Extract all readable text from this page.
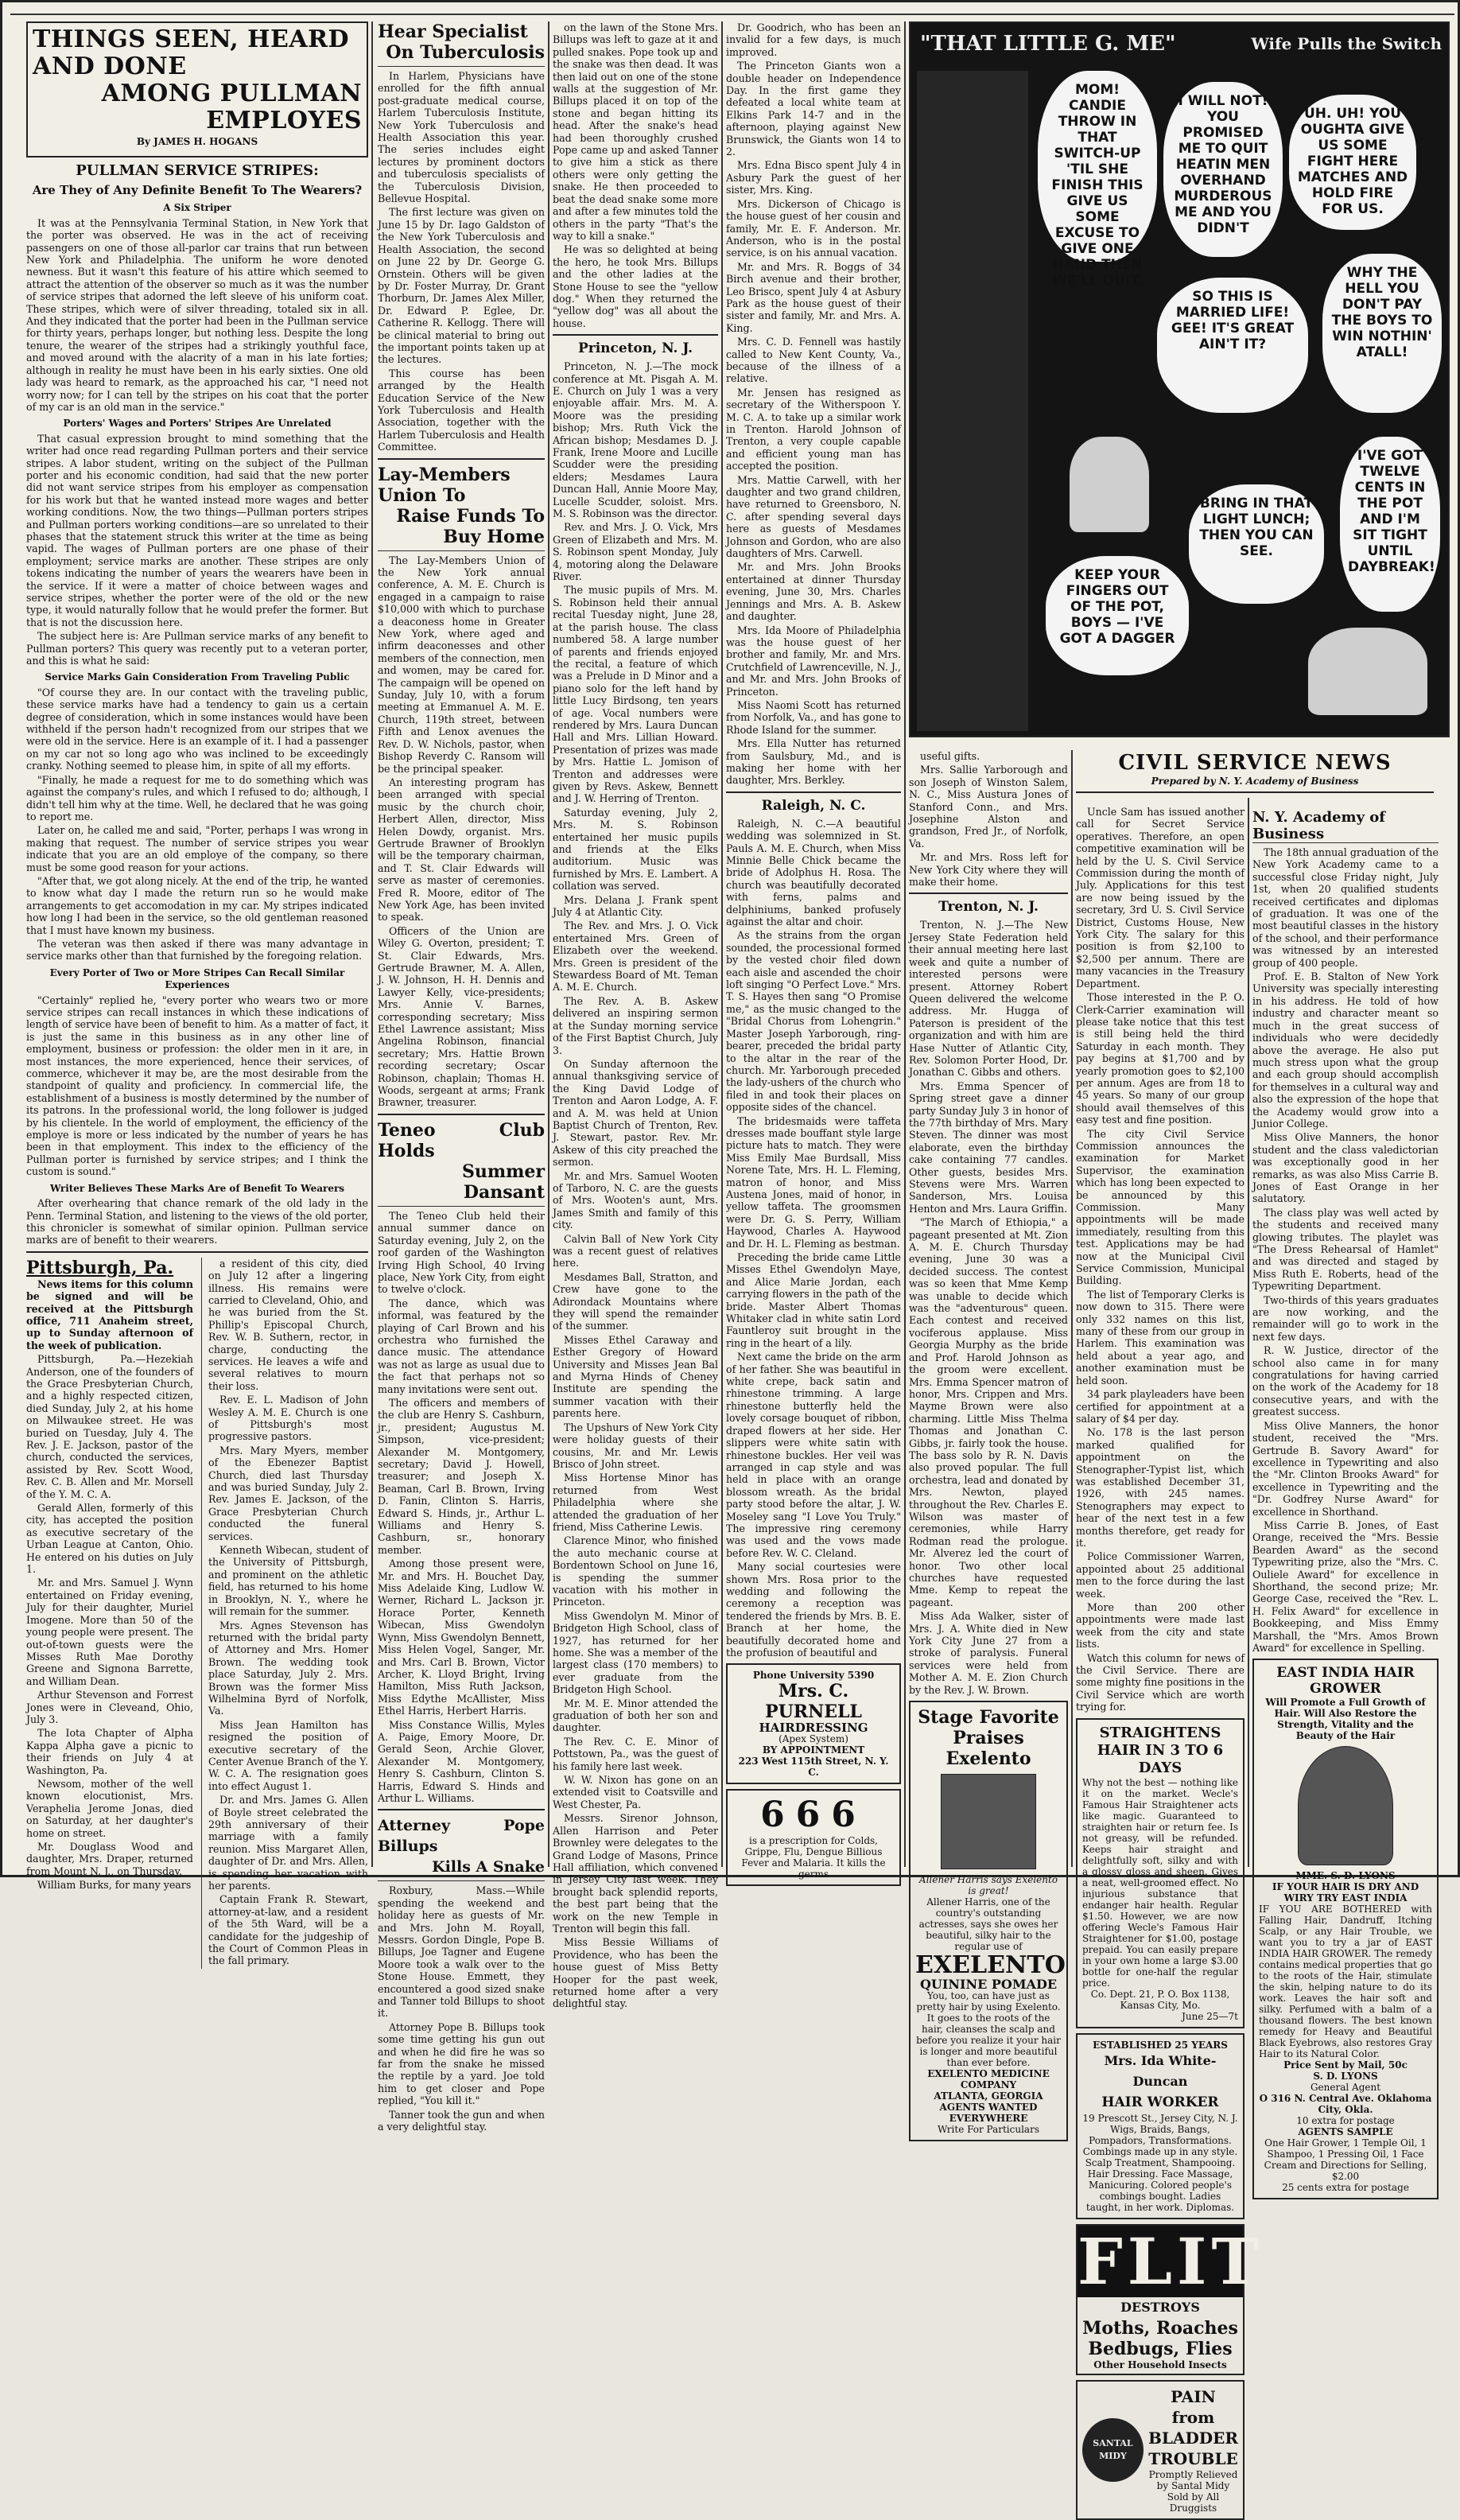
THINGS SEEN, HEARD AND DONE
AMONG PULLMAN EMPLOYES
By JAMES H. HOGANS
PULLMAN SERVICE STRIPES:
Are They of Any Definite Benefit To The Wearers?
A Six Striper

It was at the Pennsylvania Terminal Station, in New York that the porter was observed. He was in the act of receiving passengers on one of those all-parlor car trains that run between New York and Philadelphia. The uniform he wore denoted newness. But it wasn't this feature of his attire which seemed to attract the attention of the observer so much as it was the number of service stripes that adorned the left sleeve of his uniform coat. These stripes, which were of silver threading, totaled six in all. And they indicated that the porter had been in the Pullman service for thirty years, perhaps longer, but nothing less. Despite the long tenure, the wearer of the stripes had a strikingly youthful face, and moved around with the alacrity of a man in his late forties; although in reality he must have been in his early sixties. One old lady was heard to remark, as the approached his car, "I need not worry now; for I can tell by the stripes on his coat that the porter of my car is an old man in the service."

Porters' Wages and Porters' Stripes Are Unrelated

That casual expression brought to mind something that the writer had once read regarding Pullman porters and their service stripes. A labor student, writing on the subject of the Pullman porter and his economic condition, had said that the new porter did not want service stripes from his employer as compensation for his work but that he wanted instead more wages and better working conditions. Now, the two things—Pullman porters stripes and Pullman porters working conditions—are so unrelated to their phases that the statement struck this writer at the time as being vapid. The wages of Pullman porters are one phase of their employment; service marks are another. These stripes are only tokens indicating the number of years the wearers have been in the service. If it were a matter of choice between wages and service stripes, whether the porter were of the old or the new type, it would naturally follow that he would prefer the former. But that is not the discussion here.

The subject here is: Are Pullman service marks of any benefit to Pullman porters? This query was recently put to a veteran porter, and this is what he said:

Service Marks Gain Consideration From Traveling Public

"Of course they are. In our contact with the traveling public, these service marks have had a tendency to gain us a certain degree of consideration, which in some instances would have been withheld if the person hadn't recognized from our stripes that we were old in the service. Here is an example of it. I had a passenger on my car not so long ago who was inclined to be exceedingly cranky. Nothing seemed to please him, in spite of all my efforts.

"Finally, he made a request for me to do something which was against the company's rules, and which I refused to do; although, I didn't tell him why at the time. Well, he declared that he was going to report me.

Later on, he called me and said, "Porter, perhaps I was wrong in making that request. The number of service stripes you wear indicate that you are an old employe of the company, so there must be some good reason for your actions.

"After that, we got along nicely. At the end of the trip, he wanted to know what day I made the return run so he would make arrangements to get accomodation in my car. My stripes indicated how long I had been in the service, so the old gentleman reasoned that I must have known my business.

The veteran was then asked if there was many advantage in service marks other than that furnished by the foregoing relation.

Every Porter of Two or More Stripes Can Recall Similar Experiences

"Certainly" replied he, "every porter who wears two or more service stripes can recall instances in which these indications of length of service have been of benefit to him. As a matter of fact, it is just the same in this business as in any other line of employment, business or profession: the older men in it are, in most instances, the more experienced, hence their services, of commerce, whichever it may be, are the most desirable from the standpoint of quality and proficiency. In commercial life, the establishment of a business is mostly determined by the number of its patrons. In the professional world, the long follower is judged by his clientele. In the world of employment, the efficiency of the employe is more or less indicated by the number of years he has been in that employment. This index to the efficiency of the Pullman porter is furnished by service stripes; and I think the custom is sound."

Writer Believes These Marks Are of Benefit To Wearers

After overhearing that chance remark of the old lady in the Penn. Terminal Station, and listening to the views of the old porter, this chronicler is somewhat of similar opinion. Pullman service marks are of benefit to their wearers.

Pittsburgh, Pa.

News items for this column be signed and will be received at the Pittsburgh office, 711 Anaheim street, up to Sunday afternoon of the week of publication.

Pittsburgh, Pa.—Hezekiah Anderson, one of the founders of the Grace Presbyterian Church, and a highly respected citizen, died Sunday, July 2, at his home on Milwaukee street. He was buried on Tuesday, July 4. The Rev. J. E. Jackson, pastor of the church, conducted the services, assisted by Rev. Scott Wood, Rev. C. B. Allen and Mr. Morsell of the Y. M. C. A.

Gerald Allen, formerly of this city, has accepted the position as executive secretary of the Urban League at Canton, Ohio. He entered on his duties on July 1.

Mr. and Mrs. Samuel J. Wynn entertained on Friday evening, July for their daughter, Muriel Imogene. More than 50 of the young people were present. The out-of-town guests were the Misses Ruth Mae Dorothy Greene and Signona Barrette, and William Dean.

Arthur Stevenson and Forrest Jones were in Cleveand, Ohio, July 3.

The Iota Chapter of Alpha Kappa Alpha gave a picnic to their friends on July 4 at Washington, Pa.

Newsom, mother of the well known elocutionist, Mrs. Veraphelia Jerome Jonas, died on Saturday, at her daughter's home on street.

Mr. Douglass Wood and daughter, Mrs. Draper, returned from Mount N. J., on Thursday.

William Burks, for many years

a resident of this city, died on July 12 after a lingering illness. His remains were carried to Cleveland, Ohio, and he was buried from the St. Phillip's Episcopal Church, Rev. W. B. Suthern, rector, in charge, conducting the services. He leaves a wife and several relatives to mourn their loss.

Rev. E. L. Madison of John Wesley A. M. E. Church is one of Pittsburgh's most progressive pastors.

Mrs. Mary Myers, member of the Ebenezer Baptist Church, died last Thursday and was buried Sunday, July 2. Rev. James E. Jackson, of the Grace Presbyterian Church conducted the funeral services.

Kenneth Wibecan, student of the University of Pittsburgh, and prominent on the athletic field, has returned to his home in Brooklyn, N. Y., where he will remain for the summer.

Mrs. Agnes Stevenson has returned with the bridal party of Attorney and Mrs. Homer Brown. The wedding took place Saturday, July 2. Mrs. Brown was the former Miss Wilhelmina Byrd of Norfolk, Va.

Miss Jean Hamilton has resigned the position of executive secretary of the Center Avenue Branch of the Y. W. C. A. The resignation goes into effect August 1.

Dr. and Mrs. James G. Allen of Boyle street celebrated the 29th anniversary of their marriage with a family reunion. Miss Margaret Allen, daughter of Dr. and Mrs. Allen, is spending her vacation with her parents.

Captain Frank R. Stewart, attorney-at-law, and a resident of the 5th Ward, will be a candidate for the judgeship of the Court of Common Pleas in the fall primary.

Hear Specialist
On Tuberculosis

In Harlem, Physicians have enrolled for the fifth annual post-graduate medical course, Harlem Tuberculosis Institute, New York Tuberculosis and Health Association this year. The series includes eight lectures by prominent doctors and tuberculosis specialists of the Tuberculosis Division, Bellevue Hospital.

The first lecture was given on June 15 by Dr. Iago Galdston of the New York Tuberculosis and Health Association, the second on June 22 by Dr. George G. Ornstein. Others will be given by Dr. Foster Murray, Dr. Grant Thorburn, Dr. James Alex Miller, Dr. Edward P. Eglee, Dr. Catherine R. Kellogg. There will be clinical material to bring out the important points taken up at the lectures.

This course has been arranged by the Health Education Service of the New York Tuberculosis and Health Association, together with the Harlem Tuberculosis and Health Committee.

Lay-Members Union To
Raise Funds To Buy Home

The Lay-Members Union of the New York annual conference, A. M. E. Church is engaged in a campaign to raise $10,000 with which to purchase a deaconess home in Greater New York, where aged and infirm deaconesses and other members of the connection, men and women, may be cared for. The campaign will be opened on Sunday, July 10, with a forum meeting at Emmanuel A. M. E. Church, 119th street, between Fifth and Lenox avenues the Rev. D. W. Nichols, pastor, when Bishop Reverdy C. Ransom will be the principal speaker.

An interesting program has been arranged with special music by the church choir, Herbert Allen, director, Miss Helen Dowdy, organist. Mrs. Gertrude Brawner of Brooklyn will be the temporary chairman, and T. St. Clair Edwards will serve as master of ceremonies. Fred R. Moore, editor of The New York Age, has been invited to speak.

Officers of the Union are Wiley G. Overton, president; T. St. Clair Edwards, Mrs. Gertrude Brawner, M. A. Allen, J. W. Johnson, H. H. Dennis and Lawyer Kelly, vice-presidents; Mrs. Annie V. Barnes, corresponding secretary; Miss Ethel Lawrence assistant; Miss Angelina Robinson, financial secretary; Mrs. Hattie Brown recording secretary; Oscar Robinson, chaplain; Thomas H. Woods, sergeant at arms; Frank Brawner, treasurer.

Teneo Club Holds
Summer Dansant

The Teneo Club held their annual summer dance on Saturday evening, July 2, on the roof garden of the Washington Irving High School, 40 Irving place, New York City, from eight to twelve o'clock.

The dance, which was informal, was featured by the playing of Carl Brown and his orchestra who furnished the dance music. The attendance was not as large as usual due to the fact that perhaps not so many invitations were sent out.

The officers and members of the club are Henry S. Cashburn, jr., president; Augustus M. Simpson, vice-president; Alexander M. Montgomery, secretary; David J. Howell, treasurer; and Joseph X. Beaman, Carl B. Brown, Irving D. Fanin, Clinton S. Harris, Edward S. Hinds, jr., Arthur L. Williams and Henry S. Cashburn, sr., honorary member.

Among those present were, Mr. and Mrs. H. Bouchet Day, Miss Adelaide King, Ludlow W. Werner, Richard L. Jackson jr. Horace Porter, Kenneth Wibecan, Miss Gwendolyn Wynn, Miss Gwendolyn Bennett, Miss Helen Vogel, Sanger, Mr. and Mrs. Carl B. Brown, Victor Archer, K. Lloyd Bright, Irving Hamilton, Miss Ruth Jackson, Miss Edythe McAllister, Miss Ethel Harris, Herbert Harris.

Miss Constance Willis, Myles A. Paige, Emory Moore, Dr. Gerald Seon, Archie Glover, Alexander M. Montgomery, Henry S. Cashburn, Clinton S. Harris, Edward S. Hinds and Arthur L. Williams.

Atterney Pope Billups
Kills A Snake

Roxbury, Mass.—While spending the weekend and holiday here as guests of Mr. and Mrs. John M. Royall, Messrs. Gordon Dingle, Pope B. Billups, Joe Tagner and Eugene Moore took a walk over to the Stone House. Emmett, they encountered a good sized snake and Tanner told Billups to shoot it.

Attorney Pope B. Billups took some time getting his gun out and when he did fire he was so far from the snake he missed the reptile by a yard. Joe told him to get closer and Pope replied, "You kill it."

Tanner took the gun and when a very delightful stay.

on the lawn of the Stone Mrs. Billups was left to gaze at it and pulled snakes. Pope took up and the snake was then dead. It was then laid out on one of the stone walls at the suggestion of Mr. Billups placed it on top of the stone and began hitting its head. After the snake's head had been thoroughly crushed Pope came up and asked Tanner to give him a stick as there others were only getting the snake. He then proceeded to beat the dead snake some more and after a few minutes told the others in the party "That's the way to kill a snake."

He was so delighted at being the hero, he took Mrs. Billups and the other ladies at the Stone House to see the "yellow dog." When they returned the "yellow dog" was all about the house.

Princeton, N. J.

Princeton, N. J.—The mock conference at Mt. Pisgah A. M. E. Church on July 1 was a very enjoyable affair. Mrs. M. A. Moore was the presiding bishop; Mrs. Ruth Vick the African bishop; Mesdames D. J. Frank, Irene Moore and Lucille Scudder were the presiding elders; Mesdames Laura Duncan Hall, Annie Moore May, Lucelle Scudder, soloist. Mrs. M. S. Robinson was the director.

Rev. and Mrs. J. O. Vick, Mrs Green of Elizabeth and Mrs. M. S. Robinson spent Monday, July 4, motoring along the Delaware River.

The music pupils of Mrs. M. S. Robinson held their annual recital Tuesday night, June 28, at the parish house. The class numbered 58. A large number of parents and friends enjoyed the recital, a feature of which was a Prelude in D Minor and a piano solo for the left hand by little Lucy Birdsong, ten years of age. Vocal numbers were rendered by Mrs. Laura Duncan Hall and Mrs. Lillian Howard. Presentation of prizes was made by Mrs. Hattie L. Jomison of Trenton and addresses were given by Revs. Askew, Bennett and J. W. Herring of Trenton.

Saturday evening, July 2, Mrs. M. S. Robinson entertained her music pupils and friends at the Elks auditorium. Music was furnished by Mrs. E. Lambert. A collation was served.

Mrs. Delana J. Frank spent July 4 at Atlantic City.

The Rev. and Mrs. J. O. Vick entertained Mrs. Green of Elizabeth over the weekend. Mrs. Green is president of the Stewardess Board of Mt. Teman A. M. E. Church.

The Rev. A. B. Askew delivered an inspiring sermon at the Sunday morning service of the First Baptist Church, July 3.

On Sunday afternoon the annual thanksgiving service of the King David Lodge of Trenton and Aaron Lodge, A. F. and A. M. was held at Union Baptist Church of Trenton, Rev. J. Stewart, pastor. Rev. Mr. Askew of this city preached the sermon.

Mr. and Mrs. Samuel Wooten of Tarboro, N. C. are the guests of Mrs. Wooten's aunt, Mrs. James Smith and family of this city.

Calvin Ball of New York City was a recent guest of relatives here.

Mesdames Ball, Stratton, and Crew have gone to the Adirondack Mountains where they will spend the remainder of the summer.

Misses Ethel Caraway and Esther Gregory of Howard University and Misses Jean Bal and Myrna Hinds of Cheney Institute are spending the summer vacation with their parents here.

The Upshurs of New York City were holiday guests of their cousins, Mr. and Mr. Lewis Brisco of John street.

Miss Hortense Minor has returned from West Philadelphia where she attended the graduation of her friend, Miss Catherine Lewis.

Clarence Minor, who finished the auto mechanic course at Bordentown School on June 16, is spending the summer vacation with his mother in Princeton.

Miss Gwendolyn M. Minor of Bridgeton High School, class of 1927, has returned for her home. She was a member of the largest class (170 members) to ever graduate from the Bridgeton High School.

Mr. M. E. Minor attended the graduation of both her son and daughter.

The Rev. C. E. Minor of Pottstown, Pa., was the guest of his family here last week.

W. W. Nixon has gone on an extended visit to Coatsville and West Chester, Pa.

Messrs. Sirenor Johnson, Allen Harrison and Peter Brownley were delegates to the Grand Lodge of Masons, Prince Hall affiliation, which convened in Jersey City last week. They brought back splendid reports, the best part being that the work on the new Temple in Trenton will begin this fall.

Miss Bessie Williams of Providence, who has been the house guest of Miss Betty Hooper for the past week, returned home after a very delightful stay.

Dr. Goodrich, who has been an invalid for a few days, is much improved.

The Princeton Giants won a double header on Independence Day. In the first game they defeated a local white team at Elkins Park 14-7 and in the afternoon, playing against New Brunswick, the Giants won 14 to 2.

Mrs. Edna Bisco spent July 4 in Asbury Park the guest of her sister, Mrs. King.

Mrs. Dickerson of Chicago is the house guest of her cousin and family, Mr. E. F. Anderson. Mr. Anderson, who is in the postal service, is on his annual vacation.

Mr. and Mrs. R. Boggs of 34 Birch avenue and their brother, Leo Brisco, spent July 4 at Asbury Park as the house guest of their sister and family, Mr. and Mrs. A. King.

Mrs. C. D. Fennell was hastily called to New Kent County, Va., because of the illness of a relative.

Mr. Jensen has resigned as secretary of the Witherspoon Y. M. C. A. to take up a similar work in Trenton. Harold Johnson of Trenton, a very couple capable and efficient young man has accepted the position.

Mrs. Mattie Carwell, with her daughter and two grand children, have returned to Greensboro, N. C. after spending several days here as guests of Mesdames Johnson and Gordon, who are also daughters of Mrs. Carwell.

Mr. and Mrs. John Brooks entertained at dinner Thursday evening, June 30, Mrs. Charles Jennings and Mrs. A. B. Askew and daughter.

Mrs. Ida Moore of Philadelphia was the house guest of her brother and family, Mr. and Mrs. Crutchfield of Lawrenceville, N. J., and Mr. and Mrs. John Brooks of Princeton.

Miss Naomi Scott has returned from Norfolk, Va., and has gone to Rhode Island for the summer.

Mrs. Ella Nutter has returned from Saulsbury, Md., and is making her home with her daughter, Mrs. Berkley.

Raleigh, N. C.

Raleigh, N. C.—A beautiful wedding was solemnized in St. Pauls A. M. E. Church, when Miss Minnie Belle Chick became the bride of Adolphus H. Rosa. The church was beautifully decorated with ferns, palms and delphiniums, banked profusely against the altar and choir.

As the strains from the organ sounded, the processional formed by the vested choir filed down each aisle and ascended the choir loft singing "O Perfect Love." Mrs. T. S. Hayes then sang "O Promise me," as the music changed to the "Bridal Chorus from Lohengrin." Master Joseph Yarborough, ring-bearer, preceded the bridal party to the altar in the rear of the church. Mr. Yarborough preceded the lady-ushers of the church who filed in and took their places on opposite sides of the chancel.

The bridesmaids were taffeta dresses made bouffant style large picture hats to match. They were Miss Emily Mae Burdsall, Miss Norene Tate, Mrs. H. L. Fleming, matron of honor, and Miss Austena Jones, maid of honor, in yellow taffeta. The groomsmen were Dr. G. S. Perry, William Haywood, Charles A. Haywood and Dr. H. L. Fleming as bestman.

Preceding the bride came Little Misses Ethel Gwendolyn Maye, and Alice Marie Jordan, each carrying flowers in the path of the bride. Master Albert Thomas Whitaker clad in white satin Lord Fauntleroy suit brought in the ring in the heart of a lily.

Next came the bride on the arm of her father. She was beautiful in white crepe, back satin and rhinestone trimming. A large rhinestone butterfly held the lovely corsage bouquet of ribbon, draped flowers at her side. Her slippers were white satin with rhinestone buckles. Her veil was arranged in cap style and was held in place with an orange blossom wreath. As the bridal party stood before the altar, J. W. Moseley sang "I Love You Truly." The impressive ring ceremony was used and the vows made before Rev. W. C. Cleland.

Many social courtesies were shown Mrs. Rosa prior to the wedding and following the ceremony a reception was tendered the friends by Mrs. B. E. Branch at her home, the beautifully decorated home and the profusion of beautiful and

Phone University 5390
Mrs. C. PURNELL
HAIRDRESSING
(Apex System)
BY APPOINTMENT
223 West 115th Street, N. Y. C.
666
is a prescription for Colds, Grippe, Flu, Dengue Billious Fever and Malaria. It kills the germs
"THAT LITTLE G. ME"	Wife Pulls the Switch
MOM! CANDIE THROW IN THAT SWITCH-UP 'TIL SHE FINISH THIS GIVE US SOME EXCUSE TO GIVE ONE HAND THEN WE'LL QUIT.
I WILL NOT! YOU PROMISED ME TO QUIT HEATIN MEN OVERHAND MURDEROUS ME AND YOU DIDN'T
UH. UH! YOU OUGHTA GIVE US SOME FIGHT HERE MATCHES AND HOLD FIRE FOR US.
WHY THE HELL YOU DON'T PAY THE BOYS TO WIN NOTHIN' ATALL!
SO THIS IS MARRIED LIFE! GEE! IT'S GREAT AIN'T IT?
BRING IN THAT LIGHT LUNCH; THEN YOU CAN SEE.
I'VE GOT TWELVE CENTS IN THE POT AND I'M SIT TIGHT UNTIL DAYBREAK!
KEEP YOUR FINGERS OUT OF THE POT, BOYS — I'VE GOT A DAGGER
CIVIL SERVICE NEWS
Prepared by N. Y. Academy of Business

useful gifts.

Mrs. Sallie Yarborough and son Joseph of Winston Salem, N. C., Miss Austura Jones of Stanford Conn., and Mrs. Josephine Alston and grandson, Fred Jr., of Norfolk, Va.

Mr. and Mrs. Ross left for New York City where they will make their home.

Trenton, N. J.

Trenton, N. J.—The New Jersey State Federation held their annual meeting here last week and quite a number of interested persons were present. Attorney Robert Queen delivered the welcome address. Mr. Hugga of Paterson is president of the organization and with him are Hase Nutter of Atlantic City, Rev. Solomon Porter Hood, Dr. Jonathan C. Gibbs and others.

Mrs. Emma Spencer of Spring street gave a dinner party Sunday July 3 in honor of the 77th birthday of Mrs. Mary Steven. The dinner was most elaborate, even the birthday cake containing 77 candles. Other guests, besides Mrs. Stevens were Mrs. Warren Sanderson, Mrs. Louisa Henton and Mrs. Laura Griffin.

"The March of Ethiopia," a pageant presented at Mt. Zion A. M. E. Church Thursday evening, June 30 was a decided success. The contest was so keen that Mme Kemp was unable to decide which was the "adventurous" queen. Each contest and received vociferous applause. Miss Georgia Murphy as the bride and Prof. Harold Johnson as the groom were excellent. Mrs. Emma Spencer matron of honor, Mrs. Crippen and Mrs. Mayme Brown were also charming. Little Miss Thelma Thomas and Jonathan C. Gibbs, jr. fairly took the house. The bass solo by R. N. Davis also proved popular. The full orchestra, lead and donated by Mrs. Newton, played throughout the Rev. Charles E. Wilson was master of ceremonies, while Harry Rodman read the prologue. Mr. Alverez led the court of honor. Two other local churches have requested Mme. Kemp to repeat the pageant.

Miss Ada Walker, sister of Mrs. J. A. White died in New York City June 27 from a stroke of paralysis. Funeral services were held from Mother A. M. E. Zion Church by the Rev. J. W. Brown.

Stage Favorite
Praises Exelento
Allener Harris says Exelento is great!
Allener Harris, one of the country's outstanding actresses, says she owes her beautiful, silky hair to the regular use of
EXELENTO
QUININE POMADE
You, too, can have just as pretty hair by using Exelento. It goes to the roots of the hair, cleanses the scalp and before you realize it your hair is longer and more beautiful than ever before.
EXELENTO MEDICINE COMPANY
ATLANTA, GEORGIA
AGENTS WANTED EVERYWHERE
Write For Particulars

Uncle Sam has issued another call for Secret Service operatives. Therefore, an open competitive examination will be held by the U. S. Civil Service Commission during the month of July. Applications for this test are now being issued by the secretary, 3rd U. S. Civil Service District, Customs House, New York City. The salary for this position is from $2,100 to $2,500 per annum. There are many vacancies in the Treasury Department.

Those interested in the P. O. Clerk-Carrier examination will please take notice that this test is still being held the third Saturday in each month. They pay begins at $1,700 and by yearly promotion goes to $2,100 per annum. Ages are from 18 to 45 years. So many of our group should avail themselves of this easy test and fine position.

The city Civil Service Commission announces the examination for Market Supervisor, the examination which has long been expected to be announced by this Commission. Many appointments will be made immediately, resulting from this test. Applications may be had now at the Municipal Civil Service Commission, Municipal Building.

The list of Temporary Clerks is now down to 315. There were only 332 names on this list, many of these from our group in Harlem. This examination was held about a year ago, and another examination must be held soon.

34 park playleaders have been certified for appointment at a salary of $4 per day.

No. 178 is the last person marked qualified for appointment on the Stenographer-Typist list, which was established December 31, 1926, with 245 names. Stenographers may expect to hear of the next test in a few months therefore, get ready for it.

Police Commissioner Warren, appointed about 25 additional men to the force during the last week.

More than 200 other appointments were made last week from the city and state lists.

Watch this column for news of the Civil Service. There are some mighty fine positions in the Civil Service which are worth trying for.

STRAIGHTENS HAIR IN 3 TO 6 DAYS
Why not the best — nothing like it on the market. Wecle's Famous Hair Straightener acts like magic. Guaranteed to straighten hair or return fee. Is not greasy, will be refunded. Keeps hair straight and delightfully soft, silky and with a glossy gloss and sheen. Gives a neat, well-groomed effect. No injurious substance that endanger hair health. Regular $1.50. However, we are now offering Wecle's Famous Hair Straightener for $1.00, postage prepaid. You can easily prepare in your own home a large $3.00 bottle for one-half the regular price.
Co. Dept. 21, P. O. Box 1138, Kansas City, Mo.
June 25—7t
ESTABLISHED 25 YEARS
Mrs. Ida White-Duncan
HAIR WORKER
19 Prescott St., Jersey City, N. J. Wigs, Braids, Bangs, Pompadors, Transformations. Combings made up in any style. Scalp Treatment, Shampooing. Hair Dressing. Face Massage, Manicuring. Colored people's combings bought. Ladies taught, in her work. Diplomas.
FLIT
DESTROYS
Moths, Roaches
Bedbugs, Flies
Other Household Insects
SANTAL MIDY
PAIN from
BLADDER
TROUBLE
Promptly Relieved by Santal Midy
Sold by All Druggists
N. Y. Academy of Business

The 18th annual graduation of the New York Academy came to a successful close Friday night, July 1st, when 20 qualified students received certificates and diplomas of graduation. It was one of the most beautiful classes in the history of the school, and their performance was witnessed by an interested group of 400 people.

Prof. E. B. Stalton of New York University was specially interesting in his address. He told of how industry and character meant so much in the great success of individuals who were decidedly above the average. He also put much stress upon what the group and each group should accomplish for themselves in a cultural way and also the expression of the hope that the Academy would grow into a Junior College.

Miss Olive Manners, the honor student and the class valedictorian was exceptionally good in her remarks, as was also Miss Carrie B. Jones of East Orange in her salutatory.

The class play was well acted by the students and received many glowing tributes. The playlet was "The Dress Rehearsal of Hamlet" and was directed and staged by Miss Ruth E. Roberts, head of the Typewriting Department.

Two-thirds of this years graduates are now working, and the remainder will go to work in the next few days.

R. W. Justice, director of the school also came in for many congratulations for having carried on the work of the Academy for 18 consecutive years, and with the greatest success.

Miss Olive Manners, the honor student, received the "Mrs. Gertrude B. Savory Award" for excellence in Typewriting and also the "Mr. Clinton Brooks Award" for excellence in Typewriting and the "Dr. Godfrey Nurse Award" for excellence in Shorthand.

Miss Carrie B. Jones, of East Orange, received the "Mrs. Bessie Bearden Award" as the second Typewriting prize, also the "Mrs. C. Ouliele Award" for excellence in Shorthand, the second prize; Mr. George Case, received the "Rev. L. H. Felix Award" for excellence in Bookkeeping, and Miss Emmy Marshall, the "Mrs. Amos Brown Award" for excellence in Spelling.

EAST INDIA HAIR GROWER
Will Promote a Full Growth of Hair. Will Also Restore the Strength, Vitality and the Beauty of the Hair
MME. S. D. LYONS
IF YOUR HAIR IS DRY AND WIRY TRY EAST INDIA
IF YOU ARE BOTHERED with Falling Hair, Dandruff, Itching Scalp, or any Hair Trouble, we want you to try a jar of EAST INDIA HAIR GROWER. The remedy contains medical properties that go to the roots of the Hair, stimulate the skin, helping nature to do its work. Leaves the hair soft and silky. Perfumed with a balm of a thousand flowers. The best known remedy for Heavy and Beautiful Black Eyebrows, also restores Gray Hair to its Natural Color.
Price Sent by Mail, 50c
S. D. LYONS
General Agent
O 316 N. Central Ave. Oklahoma City, Okla.
10 extra for postage
AGENTS SAMPLE
One Hair Grower, 1 Temple Oil, 1 Shampoo, 1 Pressing Oil, 1 Face Cream and Directions for Selling, $2.00
25 cents extra for postage
